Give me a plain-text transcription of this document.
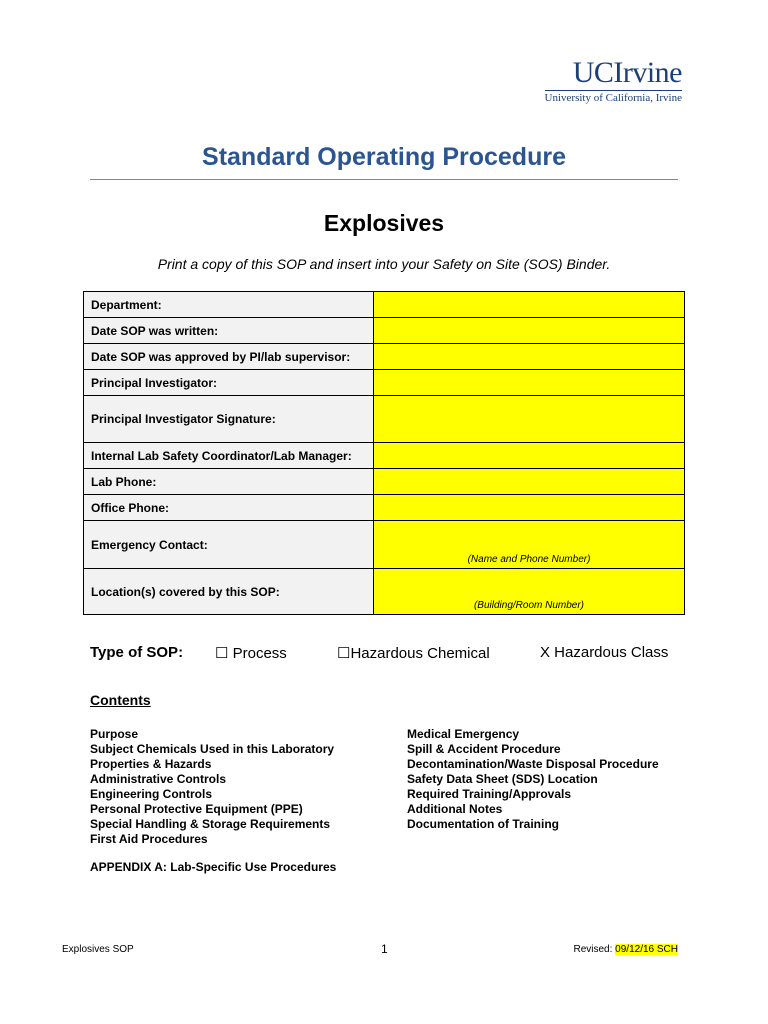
UCIrvine
University of California, Irvine
Standard Operating Procedure
Explosives
Print a copy of this SOP and insert into your Safety on Site (SOS) Binder.
Department:	
Date SOP was written:	
Date SOP was approved by PI/lab supervisor:	
Principal Investigator:	
Principal Investigator Signature:	
Internal Lab Safety Coordinator/Lab Manager:	
Lab Phone:	
Office Phone:	
Emergency Contact:	(Name and Phone Number)
Location(s) covered by this SOP:	(Building/Room Number)
Type of SOP: ☐ Process	☐Hazardous Chemical	X Hazardous Class
Contents
Purpose
Subject Chemicals Used in this Laboratory
Properties & Hazards
Administrative Controls
Engineering Controls
Personal Protective Equipment (PPE)
Special Handling & Storage Requirements
First Aid Procedures
Medical Emergency
Spill & Accident Procedure
Decontamination/Waste Disposal Procedure
Safety Data Sheet (SDS) Location
Required Training/Approvals
Additional Notes
Documentation of Training
APPENDIX A: Lab-Specific Use Procedures
Explosives SOP	1	Revised: 09/12/16 SCH
